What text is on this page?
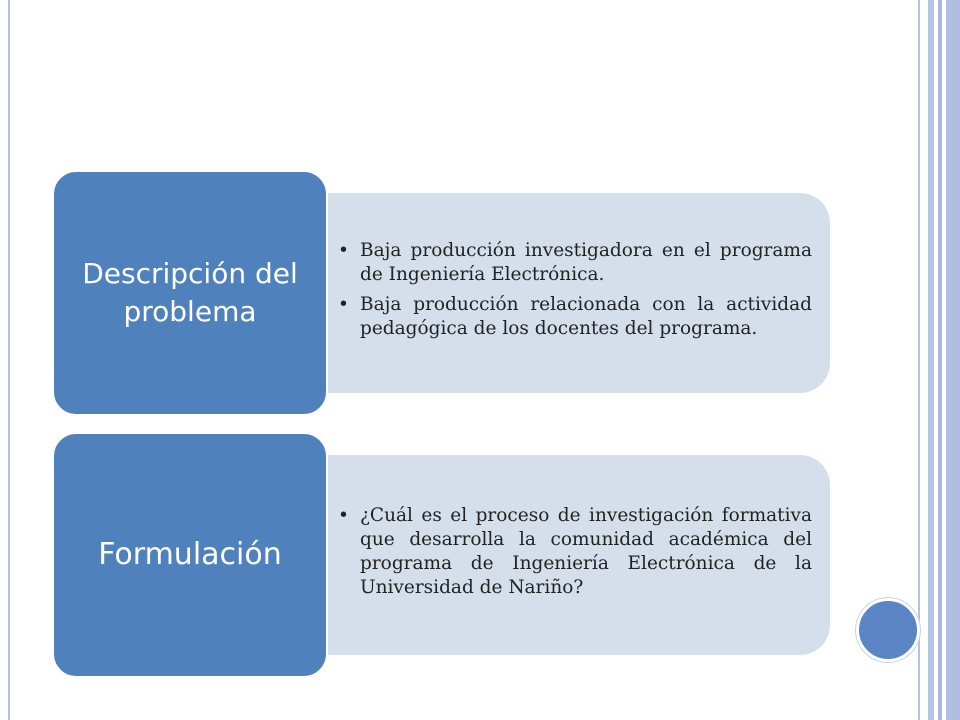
• Baja producción investigadora en el programa de Ingeniería Electrónica.
• Baja producción relacionada con la actividad pedagógica de los docentes del programa.
Descripción del problema
• ¿Cuál es el proceso de investigación formativa que desarrolla la comunidad académica del programa de Ingeniería Electrónica de la Universidad de Nariño?
Formulación
